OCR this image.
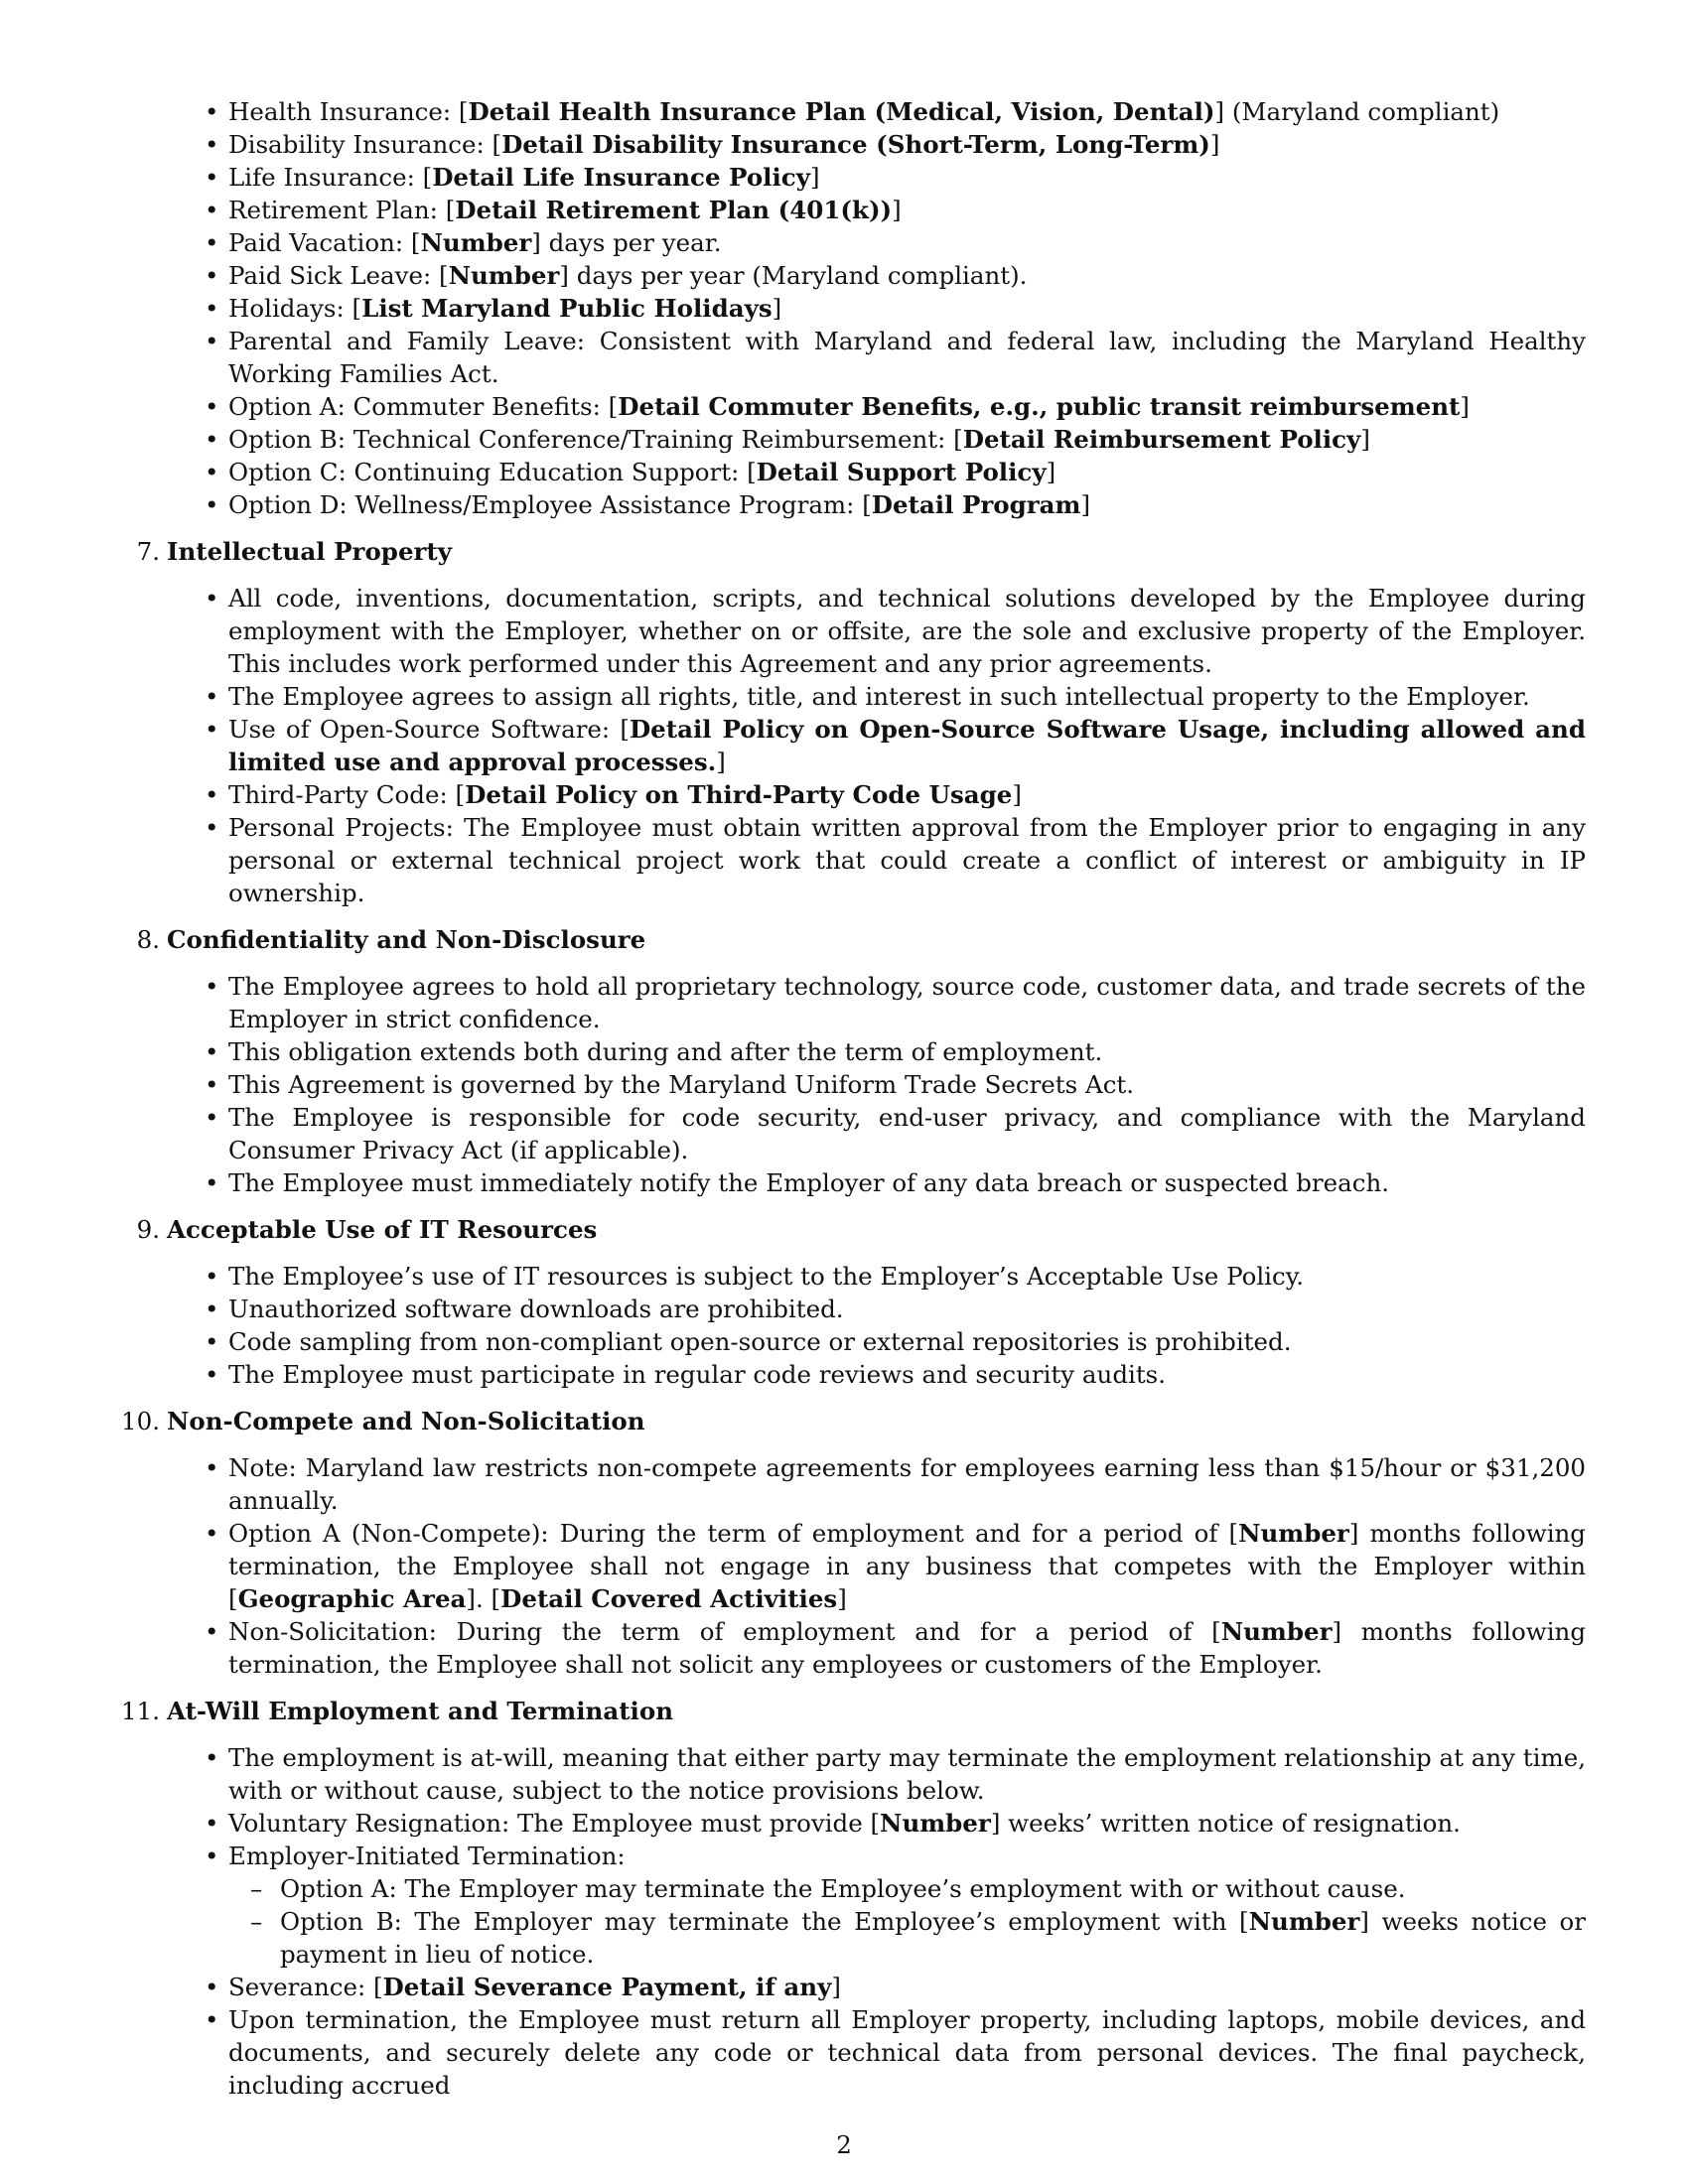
• Health Insurance: [Detail Health Insurance Plan (Medical, Vision, Dental)] (Maryland compliant)
• Disability Insurance: [Detail Disability Insurance (Short-Term, Long-Term)]
• Life Insurance: [Detail Life Insurance Policy]
• Retirement Plan: [Detail Retirement Plan (401(k))]
• Paid Vacation: [Number] days per year.
• Paid Sick Leave: [Number] days per year (Maryland compliant).
• Holidays: [List Maryland Public Holidays]
• Parental and Family Leave: Consistent with Maryland and federal law, including the Maryland Healthy Working Families Act.
• Option A: Commuter Benefits: [Detail Commuter Benefits, e.g., public transit reimbursement]
• Option B: Technical Conference/Training Reimbursement: [Detail Reimbursement Policy]
• Option C: Continuing Education Support: [Detail Support Policy]
• Option D: Wellness/Employee Assistance Program: [Detail Program]
7. Intellectual Property
• All code, inventions, documentation, scripts, and technical solutions developed by the Employee during employment with the Employer, whether on or offsite, are the sole and exclusive property of the Employer. This includes work performed under this Agreement and any prior agreements.
• The Employee agrees to assign all rights, title, and interest in such intellectual property to the Employer.
• Use of Open-Source Software: [Detail Policy on Open-Source Software Usage, including allowed and limited use and approval processes.]
• Third-Party Code: [Detail Policy on Third-Party Code Usage]
• Personal Projects: The Employee must obtain written approval from the Employer prior to engaging in any personal or external technical project work that could create a conflict of interest or ambiguity in IP ownership.
8. Confidentiality and Non-Disclosure
• The Employee agrees to hold all proprietary technology, source code, customer data, and trade secrets of the Employer in strict confidence.
• This obligation extends both during and after the term of employment.
• This Agreement is governed by the Maryland Uniform Trade Secrets Act.
• The Employee is responsible for code security, end-user privacy, and compliance with the Maryland Consumer Privacy Act (if applicable).
• The Employee must immediately notify the Employer of any data breach or suspected breach.
9. Acceptable Use of IT Resources
• The Employee’s use of IT resources is subject to the Employer’s Acceptable Use Policy.
• Unauthorized software downloads are prohibited.
• Code sampling from non-compliant open-source or external repositories is prohibited.
• The Employee must participate in regular code reviews and security audits.
10. Non-Compete and Non-Solicitation
• Note: Maryland law restricts non-compete agreements for employees earning less than $15/hour or $31,200 annually.
• Option A (Non-Compete): During the term of employment and for a period of [Number] months following termination, the Employee shall not engage in any business that competes with the Employer within [Geographic Area]. [Detail Covered Activities]
• Non-Solicitation: During the term of employment and for a period of [Number] months following termination, the Employee shall not solicit any employees or customers of the Employer.
11. At-Will Employment and Termination
• The employment is at-will, meaning that either party may terminate the employment relationship at any time, with or without cause, subject to the notice provisions below.
• Voluntary Resignation: The Employee must provide [Number] weeks’ written notice of resignation.
• Employer-Initiated Termination:
– Option A: The Employer may terminate the Employee’s employment with or without cause.
– Option B: The Employer may terminate the Employee’s employment with [Number] weeks notice or payment in lieu of notice.
• Severance: [Detail Severance Payment, if any]
• Upon termination, the Employee must return all Employer property, including laptops, mobile devices, and documents, and securely delete any code or technical data from personal devices. The final paycheck, including accrued
2
